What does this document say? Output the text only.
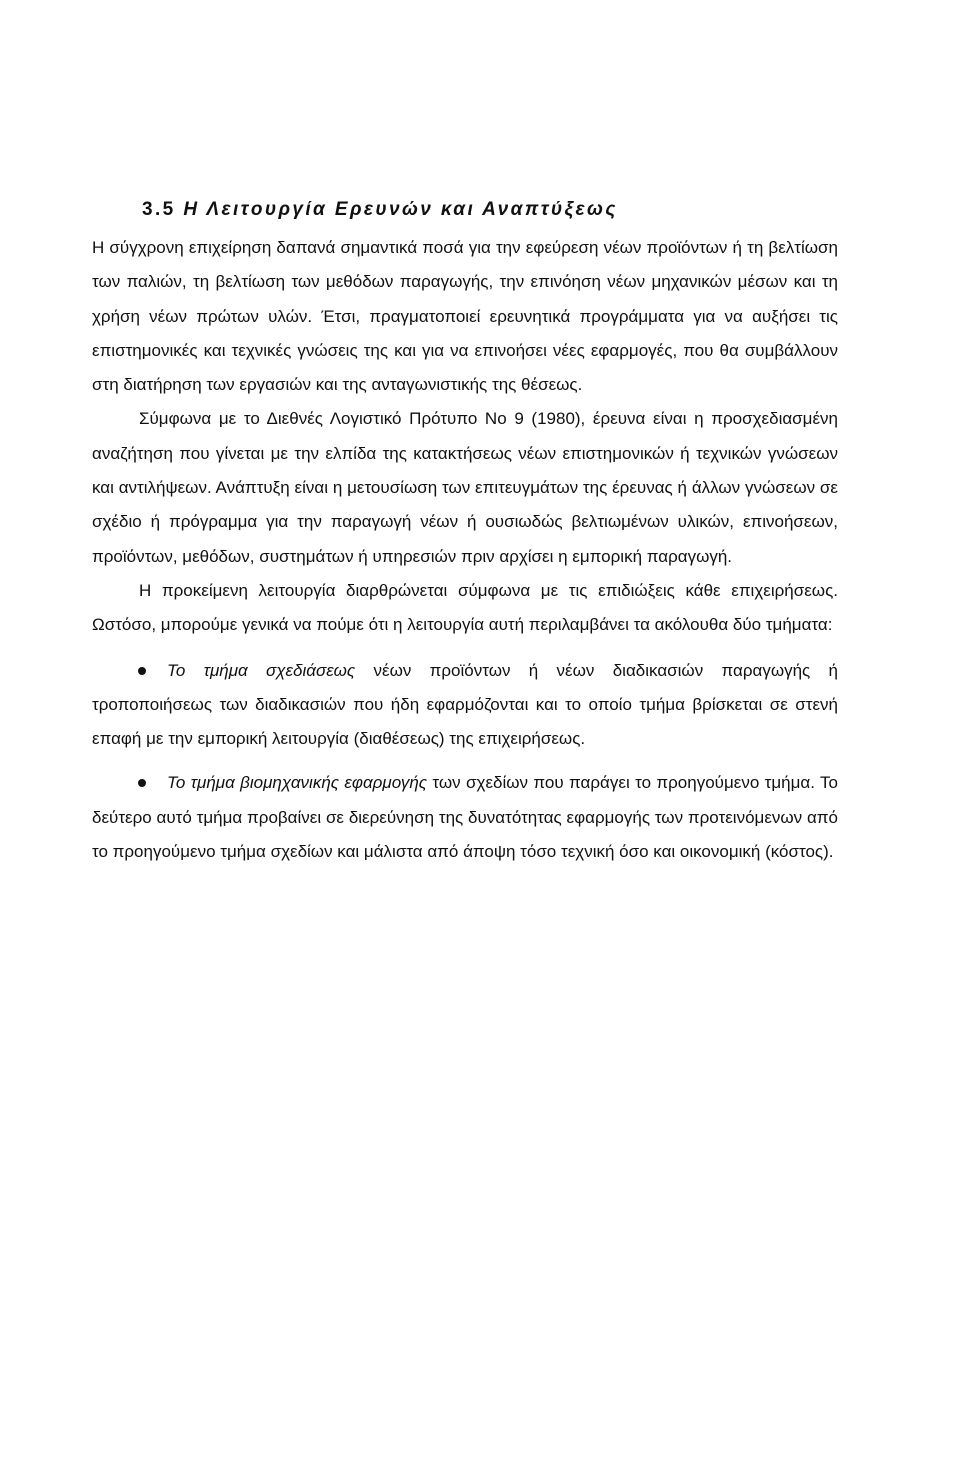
3.5 Η Λειτουργία Ερευνών και Αναπτύξεως

Η σύγχρονη επιχείρηση δαπανά σημαντικά ποσά για την εφεύρεση νέων προϊόντων ή τη βελτίωση των παλιών, τη βελτίωση των μεθόδων παραγωγής, την επινόηση νέων μηχανικών μέσων και τη χρήση νέων πρώτων υλών. Έτσι, πραγματοποιεί ερευνητικά προγράμματα για να αυξήσει τις επιστημονικές και τεχνικές γνώσεις της και για να επινοήσει νέες εφαρμογές, που θα συμβάλλουν στη διατήρηση των εργασιών και της ανταγωνιστικής της θέσεως.

Σύμφωνα με το Διεθνές Λογιστικό Πρότυπο Νο 9 (1980), έρευνα είναι η προσχεδιασμένη αναζήτηση που γίνεται με την ελπίδα της κατακτήσεως νέων επιστημονικών ή τεχνικών γνώσεων και αντιλήψεων. Ανάπτυξη είναι η μετουσίωση των επιτευγμάτων της έρευνας ή άλλων γνώσεων σε σχέδιο ή πρόγραμμα για την παραγωγή νέων ή ουσιωδώς βελτιωμένων υλικών, επινοήσεων, προϊόντων, μεθόδων, συστημάτων ή υπηρεσιών πριν αρχίσει η εμπορική παραγωγή.

Η προκείμενη λειτουργία διαρθρώνεται σύμφωνα με τις επιδιώξεις κάθε επιχειρήσεως. Ωστόσο, μπορούμε γενικά να πούμε ότι η λειτουργία αυτή περιλαμβάνει τα ακόλουθα δύο τμήματα:

Το τμήμα σχεδιάσεως νέων προϊόντων ή νέων διαδικασιών παραγωγής ή τροποποιήσεως των διαδικασιών που ήδη εφαρμόζονται και το οποίο τμήμα βρίσκεται σε στενή επαφή με την εμπορική λειτουργία (διαθέσεως) της επιχειρήσεως.
Το τμήμα βιομηχανικής εφαρμογής των σχεδίων που παράγει το προηγούμενο τμήμα. Το δεύτερο αυτό τμήμα προβαίνει σε διερεύνηση της δυνατότητας εφαρμογής των προτεινόμενων από το προηγούμενο τμήμα σχεδίων και μάλιστα από άποψη τόσο τεχνική όσο και οικονομική (κόστος).
